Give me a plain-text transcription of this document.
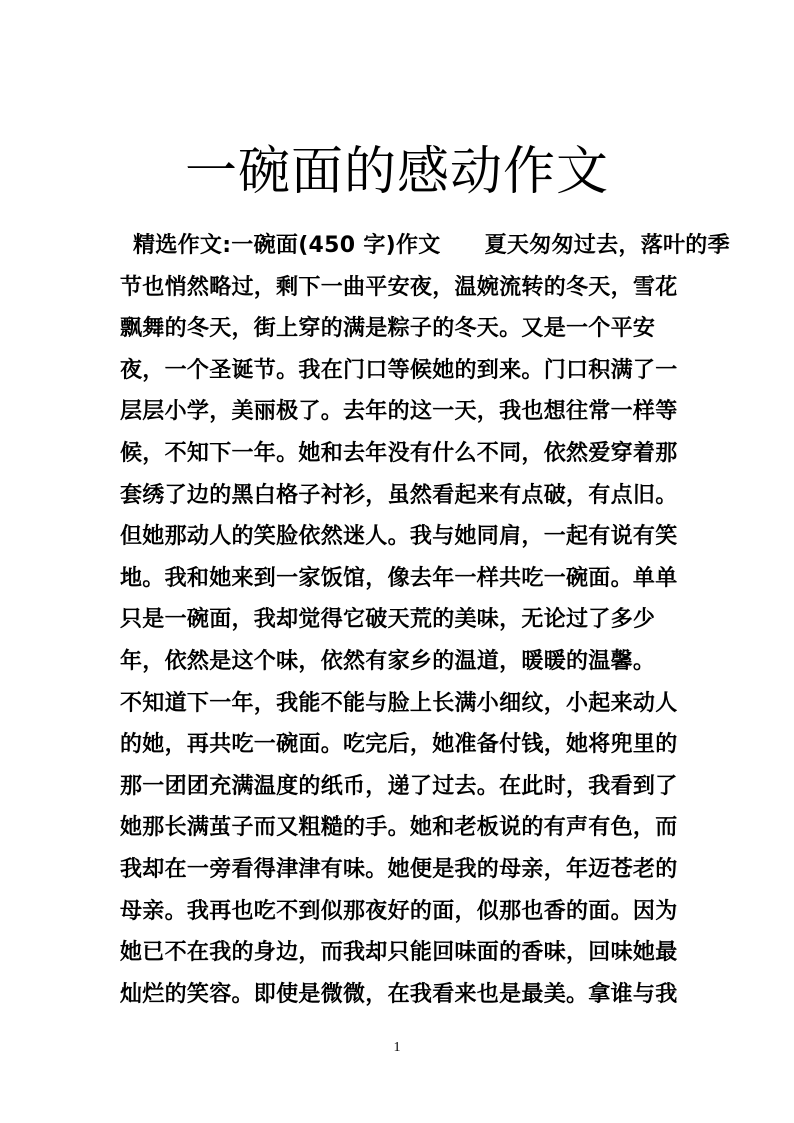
一碗面的感动作文
精选作文:一碗面(450 字)作文 夏天匆匆过去，落叶的季
节也悄然略过，剩下一曲平安夜，温婉流转的冬天，雪花
飘舞的冬天，街上穿的满是粽子的冬天。又是一个平安
夜，一个圣诞节。我在门口等候她的到来。门口积满了一
层层小学，美丽极了。去年的这一天，我也想往常一样等
候，不知下一年。她和去年没有什么不同，依然爱穿着那
套绣了边的黑白格子衬衫，虽然看起来有点破，有点旧。
但她那动人的笑脸依然迷人。我与她同肩，一起有说有笑
地。我和她来到一家饭馆，像去年一样共吃一碗面。单单
只是一碗面，我却觉得它破天荒的美味，无论过了多少
年，依然是这个味，依然有家乡的温道，暖暖的温馨。
不知道下一年，我能不能与脸上长满小细纹，小起来动人
的她，再共吃一碗面。吃完后，她准备付钱，她将兜里的
那一团团充满温度的纸币，递了过去。在此时，我看到了
她那长满茧子而又粗糙的手。她和老板说的有声有色，而
我却在一旁看得津津有味。她便是我的母亲，年迈苍老的
母亲。我再也吃不到似那夜好的面，似那也香的面。因为
她已不在我的身边，而我却只能回味面的香味，回味她最
灿烂的笑容。即使是微微，在我看来也是最美。拿谁与我
1
